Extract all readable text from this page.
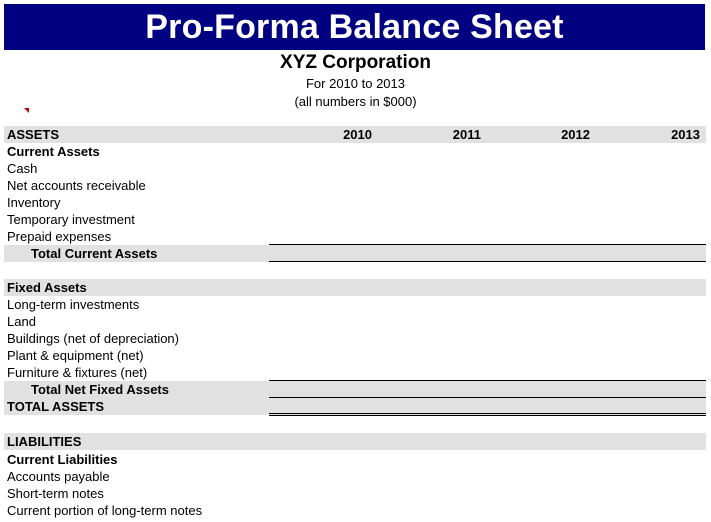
Pro-Forma Balance Sheet
XYZ Corporation
For 2010 to 2013
(all numbers in $000)
ASSETS	2010	2011	2012	2013
Current Assets
Cash
Net accounts receivable
Inventory
Temporary investment
Prepaid expenses
Total Current Assets
Fixed Assets
Long-term investments
Land
Buildings (net of depreciation)
Plant & equipment (net)
Furniture & fixtures (net)
Total Net Fixed Assets
TOTAL ASSETS
LIABILITIES
Current Liabilities
Accounts payable
Short-term notes
Current portion of long-term notes
